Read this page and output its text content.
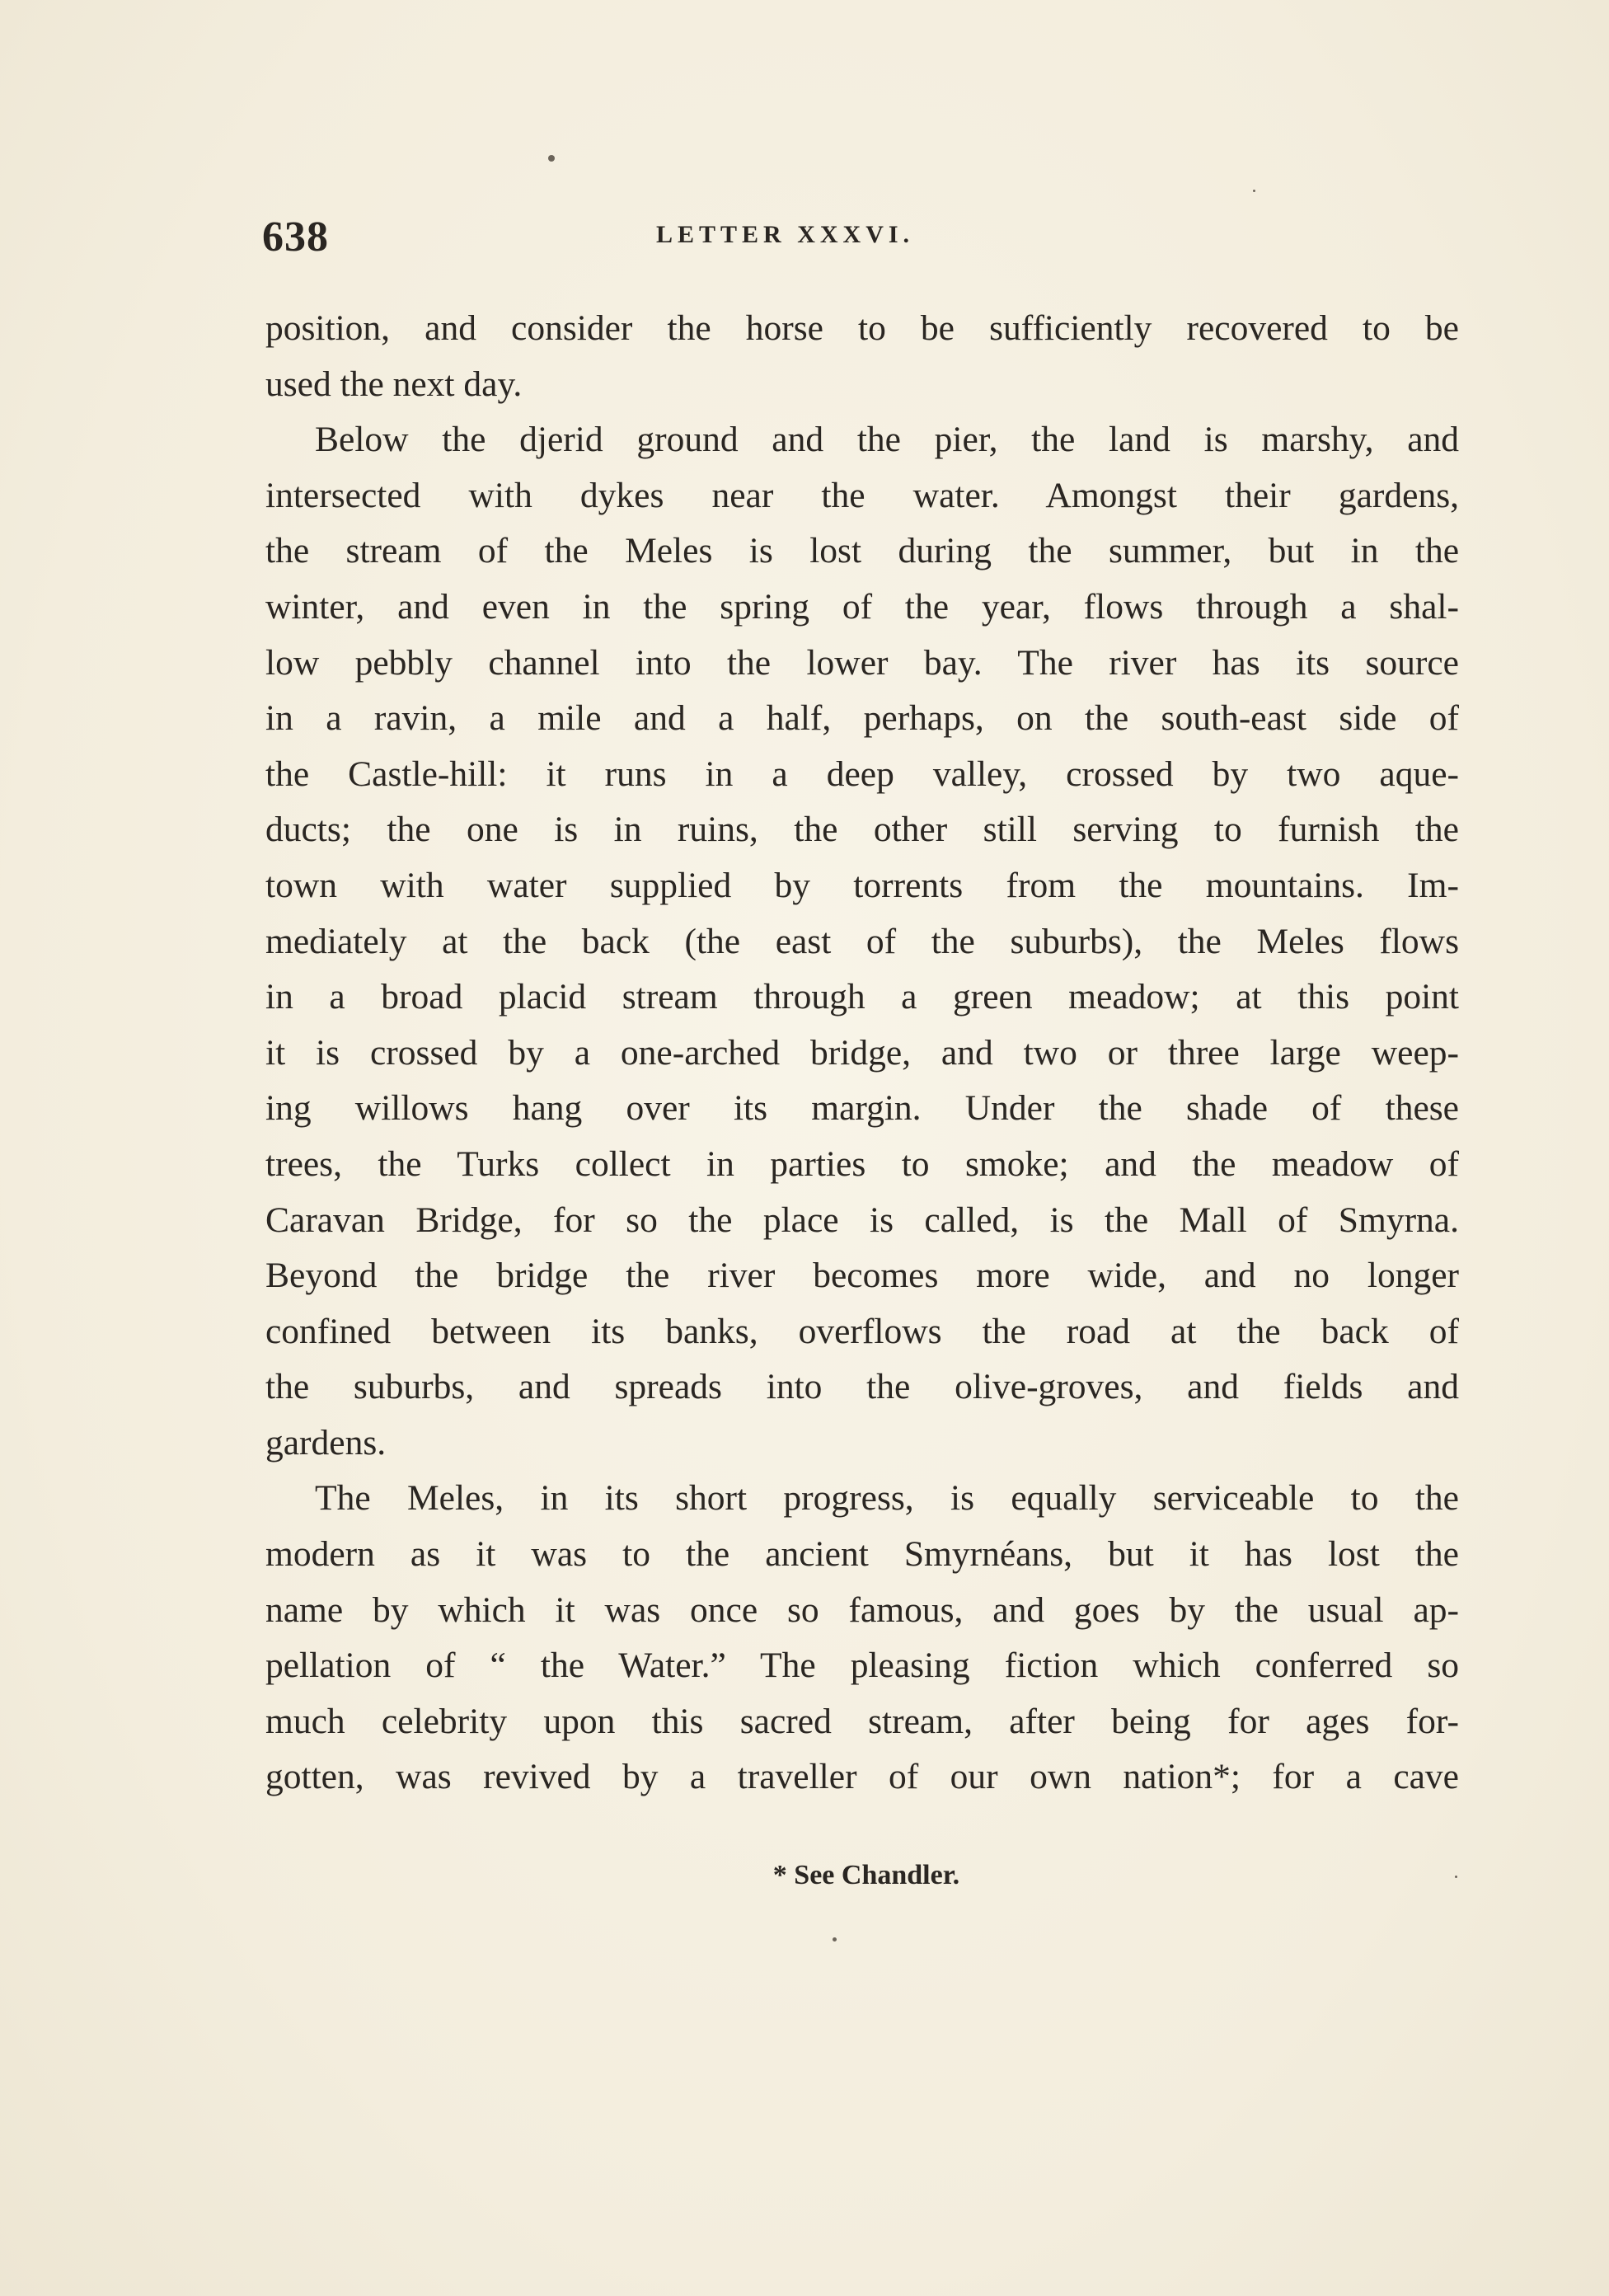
638	LETTER XXXVI.
position, and consider the horse to be sufficiently recovered to be
used the next day.
Below the djerid ground and the pier, the land is marshy, and
intersected with dykes near the water. Amongst their gardens,
the stream of the Meles is lost during the summer, but in the
winter, and even in the spring of the year, flows through a shal-
low pebbly channel into the lower bay. The river has its source
in a ravin, a mile and a half, perhaps, on the south-east side of
the Castle-hill: it runs in a deep valley, crossed by two aque-
ducts; the one is in ruins, the other still serving to furnish the
town with water supplied by torrents from the mountains. Im-
mediately at the back (the east of the suburbs), the Meles flows
in a broad placid stream through a green meadow; at this point
it is crossed by a one-arched bridge, and two or three large weep-
ing willows hang over its margin. Under the shade of these
trees, the Turks collect in parties to smoke; and the meadow of
Caravan Bridge, for so the place is called, is the Mall of Smyrna.
Beyond the bridge the river becomes more wide, and no longer
confined between its banks, overflows the road at the back of
the suburbs, and spreads into the olive-groves, and fields and
gardens.
The Meles, in its short progress, is equally serviceable to the
modern as it was to the ancient Smyrnéans, but it has lost the
name by which it was once so famous, and goes by the usual ap-
pellation of “ the Water.” The pleasing fiction which conferred so
much celebrity upon this sacred stream, after being for ages for-
gotten, was revived by a traveller of our own nation*; for a cave
* See Chandler.
